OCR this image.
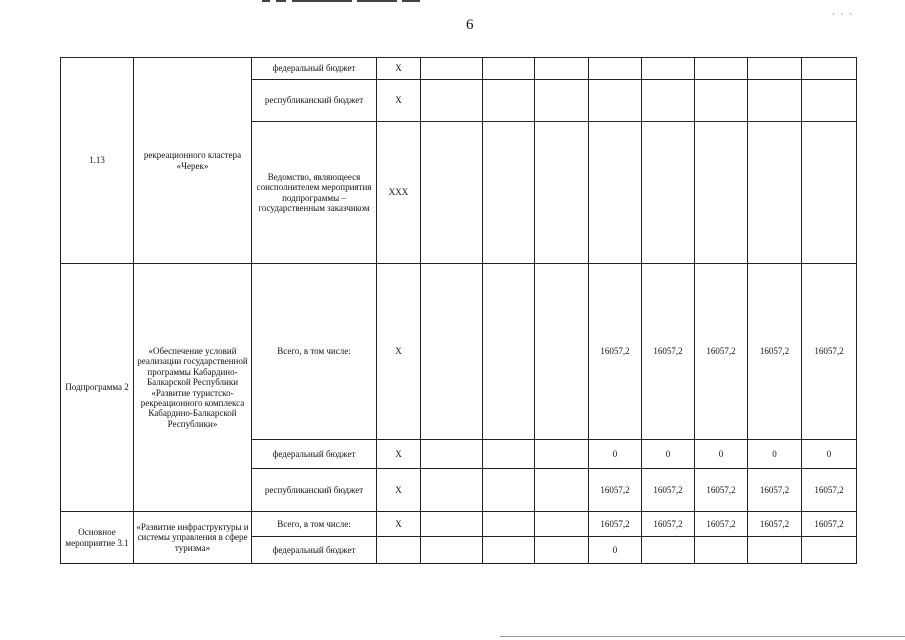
6
· · ·
1.13	рекреационного кластера «Черек»	федеральный бюджет	Х								
		республиканский бюджет	Х								
		Ведомство, являющееся соисполнителем мероприятия подпрограммы – государственным заказчиком	ХХХ								
Подпрограмма 2	«Обеспечение условий реализации государственной программы Кабардино-Балкарской Республики «Развитие туристско-рекреационного комплекса Кабардино-Балкарской Республики»	Всего, в том числе:	Х				16057,2	16057,2	16057,2	16057,2	16057,2
		федеральный бюджет	Х				0	0	0	0	0
		республиканский бюджет	Х				16057,2	16057,2	16057,2	16057,2	16057,2
Основное мероприятие 3.1	«Развитие инфраструктуры и системы управления в сфере туризма»	Всего, в том числе:	Х				16057,2	16057,2	16057,2	16057,2	16057,2
		федеральный бюджет					0				
